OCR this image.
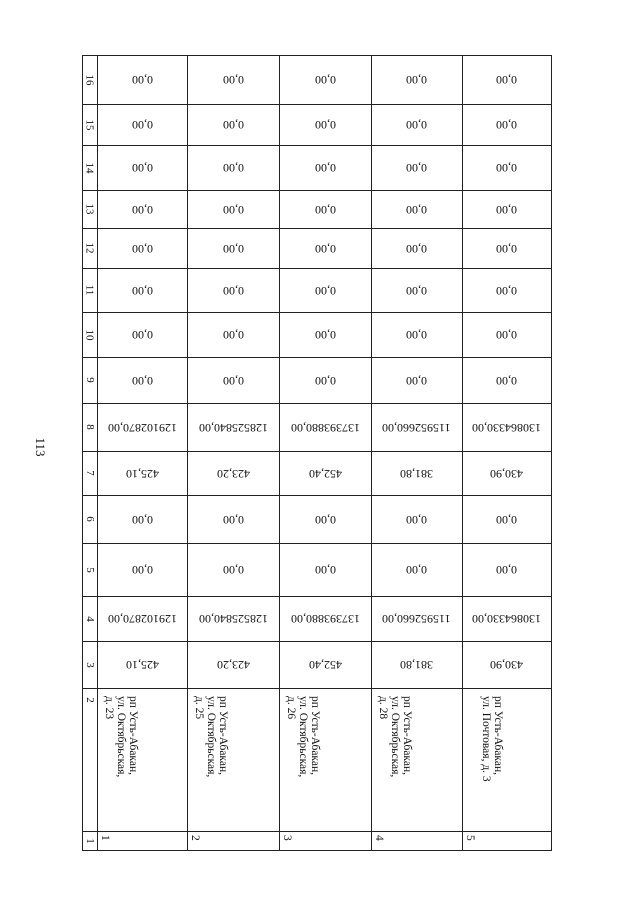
113
1
2
3
4
5
6
7
8
9
10
11
12
13
14
15
16
1
рп Усть-Абакан,
ул. Октябрьская,
д. 23
425,10
129102870,00
0,00
0,00
425,10
129102870,00
0,00
0,00
0,00
0,00
0,00
0,00
0,00
0,00
2
рп Усть-Абакан,
ул. Октябрьская,
д. 25
423,20
128525840,00
0,00
0,00
423,20
128525840,00
0,00
0,00
0,00
0,00
0,00
0,00
0,00
0,00
3
рп Усть-Абакан,
ул. Октябрьская,
д. 26
452,40
137393880,00
0,00
0,00
452,40
137393880,00
0,00
0,00
0,00
0,00
0,00
0,00
0,00
0,00
4
рп Усть-Абакан,
ул. Октябрьская,
д. 28
381,80
115952660,00
0,00
0,00
381,80
115952660,00
0,00
0,00
0,00
0,00
0,00
0,00
0,00
0,00
5
рп Усть-Абакан,
ул. Почтовая, д. 3
430,90
130864330,00
0,00
0,00
430,90
130864330,00
0,00
0,00
0,00
0,00
0,00
0,00
0,00
0,00
